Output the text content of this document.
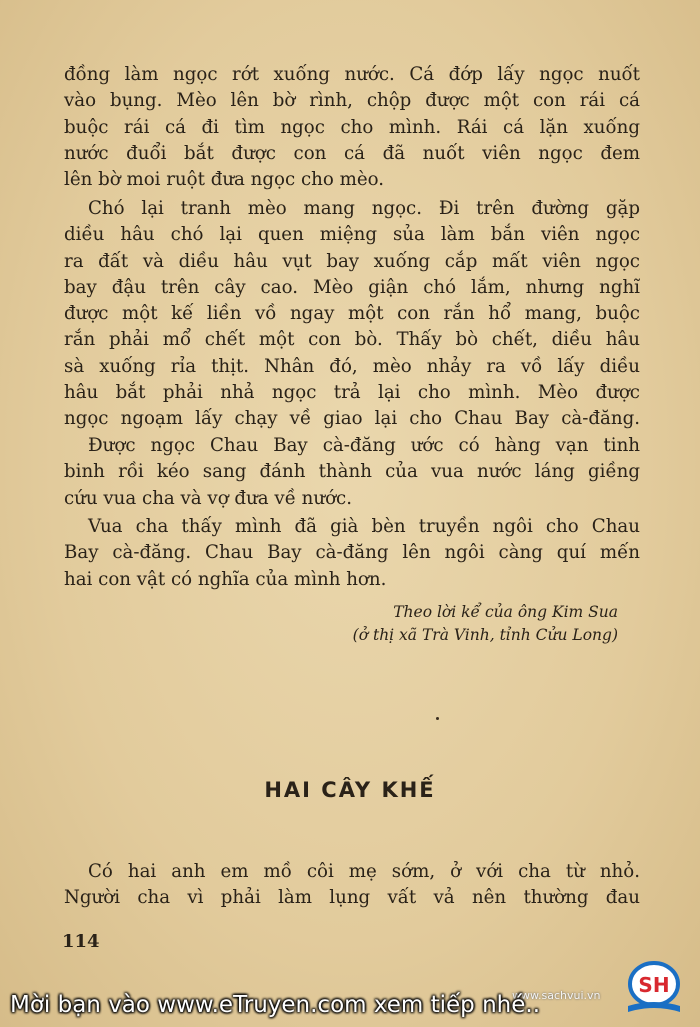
đồng làm ngọc rớt xuống nước. Cá đớp lấy ngọc nuốt
vào bụng. Mèo lên bờ rình, chộp được một con rái cá
buộc rái cá đi tìm ngọc cho mình. Rái cá lặn xuống
nước đuổi bắt được con cá đã nuốt viên ngọc đem
lên bờ moi ruột đưa ngọc cho mèo.
Chó lại tranh mèo mang ngọc. Đi trên đường gặp
diều hâu chó lại quen miệng sủa làm bắn viên ngọc
ra đất và diều hâu vụt bay xuống cắp mất viên ngọc
bay đậu trên cây cao. Mèo giận chó lắm, nhưng nghĩ
được một kế liền vồ ngay một con rắn hổ mang, buộc
rắn phải mổ chết một con bò. Thấy bò chết, diều hâu
sà xuống rỉa thịt. Nhân đó, mèo nhảy ra vồ lấy diều
hâu bắt phải nhả ngọc trả lại cho mình. Mèo được
ngọc ngoạm lấy chạy về giao lại cho Chau Bay cà-đăng.
Được ngọc Chau Bay cà-đăng ước có hàng vạn tinh
binh rồi kéo sang đánh thành của vua nước láng giềng
cứu vua cha và vợ đưa về nước.
Vua cha thấy mình đã già bèn truyền ngôi cho Chau
Bay cà-đăng. Chau Bay cà-đăng lên ngôi càng quí mến
hai con vật có nghĩa của mình hơn.
Theo lời kể của ông Kim Sua
(ở thị xã Trà Vinh, tỉnh Cửu Long)
HAI CÂY KHẾ
Có hai anh em mồ côi mẹ sớm, ở với cha từ nhỏ.
Người cha vì phải làm lụng vất vả nên thường đau
114
www.sachvui.vn SH
Mời bạn vào www.eTruyen.com xem tiếp nhé..
